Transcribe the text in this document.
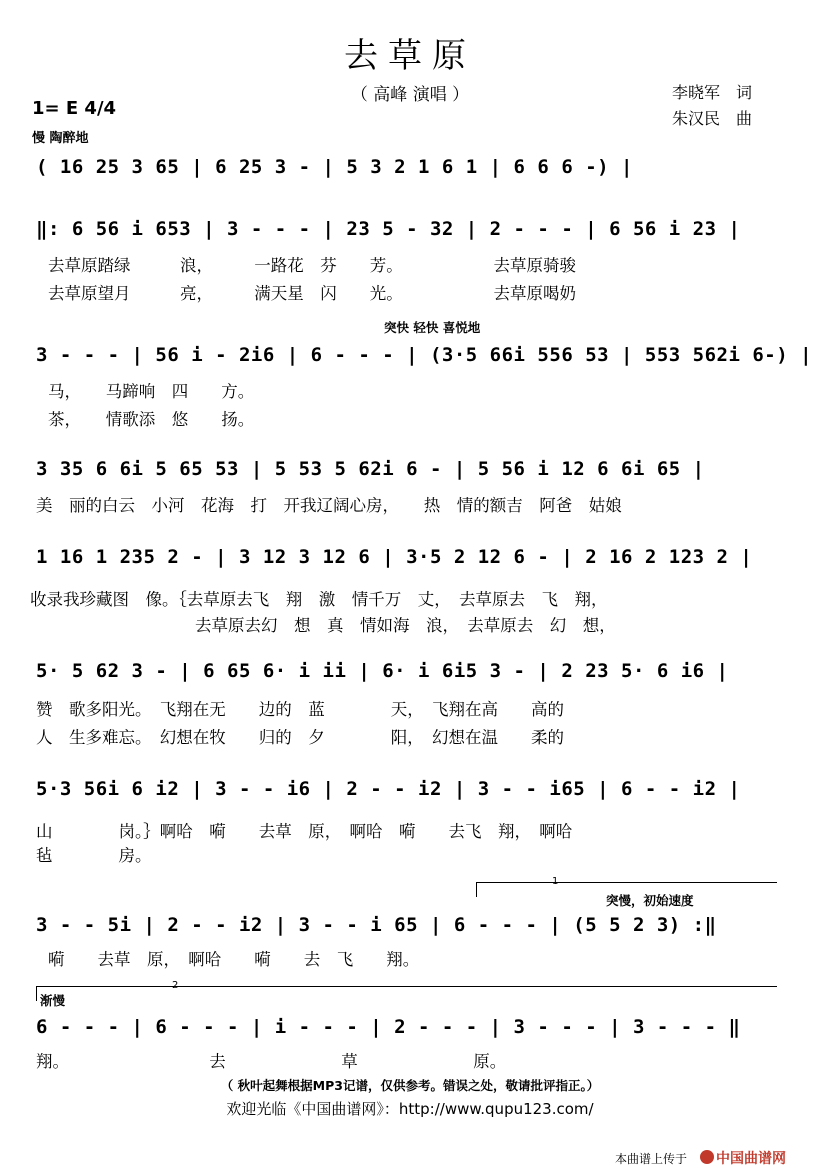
去草原
（ 高峰 演唱 ）
1= E 4/4
慢 陶醉地
李晓军　词
朱汉民　曲
( 16 25 3 65 | 6 25 3 - | 5 3 2 1 6 1 | 6 6 6 -) |
‖: 6 56 i 653 | 3 - - - | 23 5 - 32 | 2 - - - | 6 56 i 23 |
去草原踏绿　　　浪，　　　一路花　芬　　芳。　　　　　　去草原骑骏
去草原望月　　　亮，　　　满天星　闪　　光。　　　　　　去草原喝奶
突快 轻快 喜悦地
3 - - - | 56 i - 2i6 | 6 - - - | (3·5 66i 556 53 | 553 562i 6-) |
马，　　马蹄响　四　　方。
茶，　　情歌添　悠　　扬。
3 35 6 6i 5 65 53 | 5 53 5 62i 6 - | 5 56 i 12 6 6i 65 |
美　丽的白云　小河　花海　打　开我辽阔心房，　　热　情的额吉　阿爸　姑娘
1 16 1 235 2 - | 3 12 3 12 6 | 3·5 2 12 6 - | 2 16 2 123 2 |
收录我珍藏图　像。｛去草原去飞　翔　激　情千万　丈，　去草原去　飞　翔，
　　　　　　　　　　去草原去幻　想　真　情如海　浪，　去草原去　幻　想，
5· 5 62 3 - | 6 65 6· i ii | 6· i 6i5 3 - | 2 23 5· 6 i6 |
赞　歌多阳光。　飞翔在无　　边的　蓝　　　　天，　飞翔在高　　高的
人　生多难忘。　幻想在牧　　归的　夕　　　　阳，　幻想在温　　柔的
5·3 56i 6 i2 | 3 - - i6 | 2 - - i2 | 3 - - i65 | 6 - - i2 |
山　　　　岗。｝啊哈　嗬　　去草　原，　啊哈　嗬　　去飞　翔，　啊哈
毡　　　　房。
1
突慢，初始速度
3 - - 5i | 2 - - i2 | 3 - - i 65 | 6 - - - | (5 5 2 3) :‖
嗬　　去草　原，　啊哈　　嗬　　去　飞　　翔。
2
渐慢
6 - - - | 6 - - - | i - - - | 2 - - - | 3 - - - | 3 - - - ‖
翔。　　　　　　　　　去　　　　　　　草　　　　　　　原。
（ 秋叶起舞根据MP3记谱，仅供参考。错误之处，敬请批评指正。）
欢迎光临《中国曲谱网》：http://www.qupu123.com/
本曲谱上传于 中国曲谱网
